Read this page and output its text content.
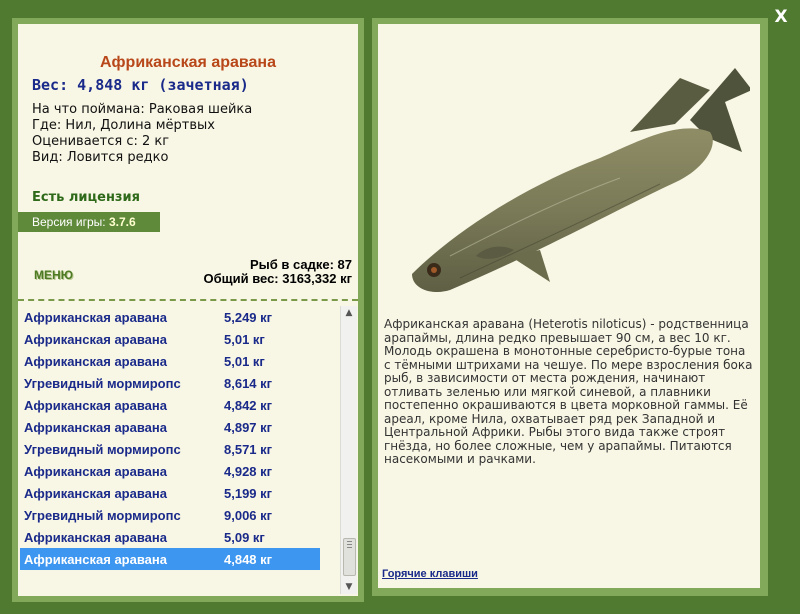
X
Африканская аравана
Вес: 4,848 кг (зачетная)
На что поймана: Раковая шейка
Где: Нил, Долина мёртвых
Оценивается с: 2 кг
Вид: Ловится редко
Есть лицензия
Версия игры: 3.7.6
МЕНЮ
Рыб в садке: 87
Общий вес: 3163,332 кг
Африканская аравана	5,249 кг
Африканская аравана	5,01 кг
Африканская аравана	5,01 кг
Угревидный мормиропс	8,614 кг
Африканская аравана	4,842 кг
Африканская аравана	4,897 кг
Угревидный мормиропс	8,571 кг
Африканская аравана	4,928 кг
Африканская аравана	5,199 кг
Угревидный мормиропс	9,006 кг
Африканская аравана	5,09 кг
Африканская аравана	4,848 кг
▲
▼
Африканская аравана (Heterotis niloticus) - родственница арапаймы, длина редко превышает 90 см, а вес 10 кг. Молодь окрашена в монотонные серебристо-бурые тона с тёмными штрихами на чешуе. По мере взросления бока рыб, в зависимости от места рождения, начинают отливать зеленью или мягкой синевой, а плавники постепенно окрашиваются в цвета морковной гаммы. Её ареал, кроме Нила, охватывает ряд рек Западной и Центральной Африки. Рыбы этого вида также строят гнёзда, но более сложные, чем у арапаймы. Питаются насекомыми и рачками.
Горячие клавиши
